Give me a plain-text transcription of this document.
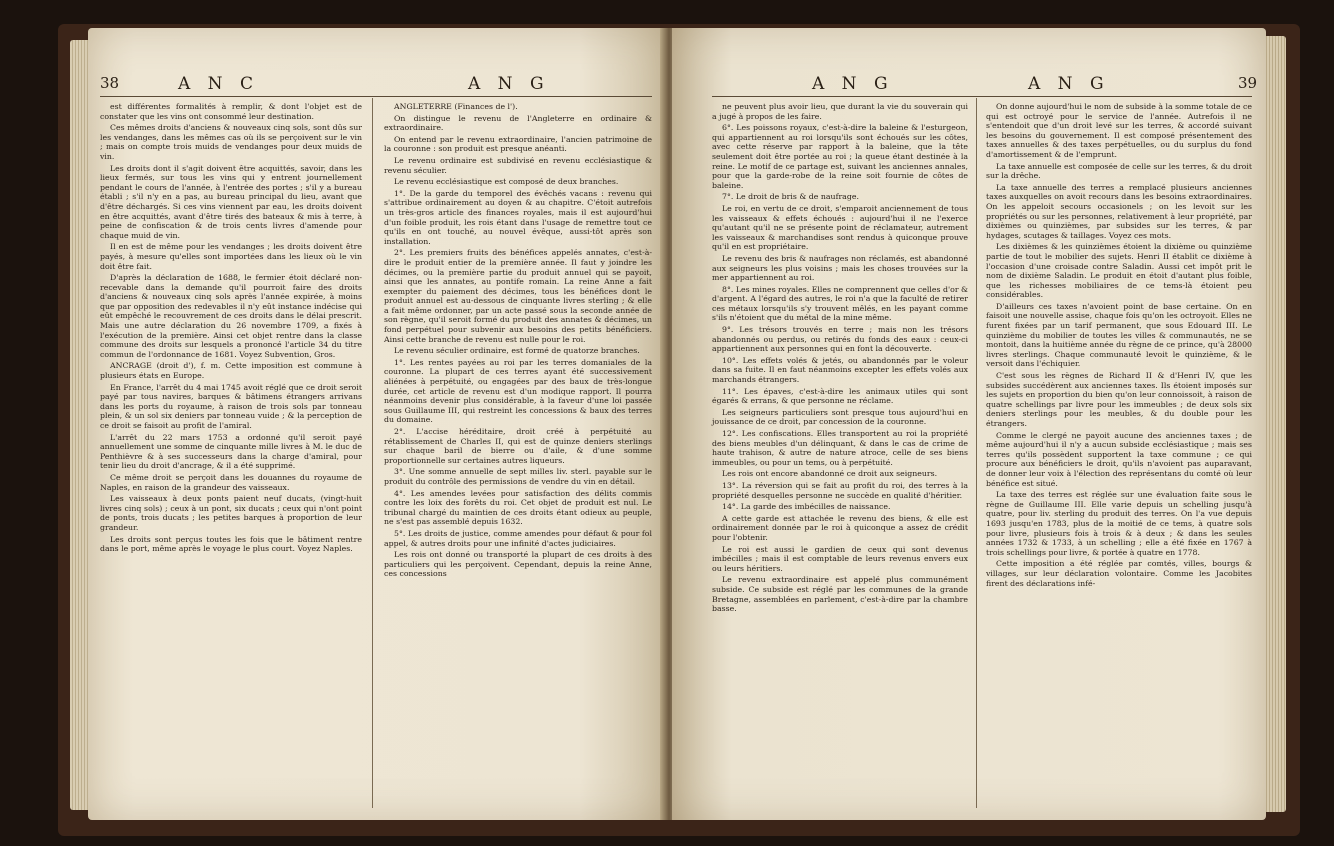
38	A N C	A N G

est différentes formalités à remplir, & dont l'objet est de constater que les vins ont consommé leur destination.

Ces mêmes droits d'anciens & nouveaux cinq sols, sont dûs sur les vendanges, dans les mêmes cas où ils se perçoivent sur le vin ; mais on compte trois muids de vendanges pour deux muids de vin.

Les droits dont il s'agit doivent être acquittés, savoir, dans les lieux fermés, sur tous les vins qui y entrent journellement pendant le cours de l'année, à l'entrée des portes ; s'il y a bureau établi ; s'il n'y en a pas, au bureau principal du lieu, avant que d'être déchargés. Si ces vins viennent par eau, les droits doivent en être acquittés, avant d'être tirés des bateaux & mis à terre, à peine de confiscation & de trois cents livres d'amende pour chaque muid de vin.

Il en est de même pour les vendanges ; les droits doivent être payés, à mesure qu'elles sont importées dans les lieux où le vin doit être fait.

D'après la déclaration de 1688, le fermier étoit déclaré non-recevable dans la demande qu'il pourroit faire des droits d'anciens & nouveaux cinq sols après l'année expirée, à moins que par opposition des redevables il n'y eût instance indécise qui eût empêché le recouvrement de ces droits dans le délai prescrit. Mais une autre déclaration du 26 novembre 1709, a fixés à l'exécution de la première. Ainsi cet objet rentre dans la classe commune des droits sur lesquels a prononcé l'article 34 du titre commun de l'ordonnance de 1681. Voyez Subvention, Gros.

ANCRAGE (droit d'), f. m. Cette imposition est commune à plusieurs états en Europe.

En France, l'arrêt du 4 mai 1745 avoit réglé que ce droit seroit payé par tous navires, barques & bâtimens étrangers arrivans dans les ports du royaume, à raison de trois sols par tonneau plein, & un sol six deniers par tonneau vuide ; & la perception de ce droit se faisoit au profit de l'amiral.

L'arrêt du 22 mars 1753 a ordonné qu'il seroit payé annuellement une somme de cinquante mille livres à M. le duc de Penthièvre & à ses successeurs dans la charge d'amiral, pour tenir lieu du droit d'ancrage, & il a été supprimé.

Ce même droit se perçoit dans les douannes du royaume de Naples, en raison de la grandeur des vaisseaux.

Les vaisseaux à deux ponts paient neuf ducats, (vingt-huit livres cinq sols) ; ceux à un pont, six ducats ; ceux qui n'ont point de ponts, trois ducats ; les petites barques à proportion de leur grandeur.

Les droits sont perçus toutes les fois que le bâtiment rentre dans le port, même après le voyage le plus court. Voyez Naples.

ANGLETERRE (Finances de l').

On distingue le revenu de l'Angleterre en ordinaire & extraordinaire.

On entend par le revenu extraordinaire, l'ancien patrimoine de la couronne : son produit est presque anéanti.

Le revenu ordinaire est subdivisé en revenu ecclésiastique & revenu séculier.

Le revenu ecclésiastique est composé de deux branches.

1°. De la garde du temporel des évêchés vacans : revenu qui s'attribue ordinairement au doyen & au chapitre. C'étoit autrefois un très-gros article des finances royales, mais il est aujourd'hui d'un foible produit, les rois étant dans l'usage de remettre tout ce qu'ils en ont touché, au nouvel évêque, aussi-tôt après son installation.

2°. Les premiers fruits des bénéfices appelés annates, c'est-à-dire le produit entier de la première année. Il faut y joindre les décimes, ou la première partie du produit annuel qui se payoit, ainsi que les annates, au pontife romain. La reine Anne a fait exempter du paiement des décimes, tous les bénéfices dont le produit annuel est au-dessous de cinquante livres sterling ; & elle a fait même ordonner, par un acte passé sous la seconde année de son règne, qu'il seroit formé du produit des annates & décimes, un fond perpétuel pour subvenir aux besoins des petits bénéficiers. Ainsi cette branche de revenu est nulle pour le roi.

Le revenu séculier ordinaire, est formé de quatorze branches.

1°. Les rentes payées au roi par les terres domaniales de la couronne. La plupart de ces terres ayant été successivement aliénées à perpétuité, ou engagées par des baux de très-longue durée, cet article de revenu est d'un modique rapport. Il pourra néanmoins devenir plus considérable, à la faveur d'une loi passée sous Guillaume III, qui restreint les concessions & baux des terres du domaine.

2°. L'accise héréditaire, droit créé à perpétuité au rétablissement de Charles II, qui est de quinze deniers sterlings sur chaque baril de bierre ou d'aile, & d'une somme proportionnelle sur certaines autres liqueurs.

3°. Une somme annuelle de sept milles liv. sterl. payable sur le produit du contrôle des permissions de vendre du vin en détail.

4°. Les amendes levées pour satisfaction des délits commis contre les loix des forêts du roi. Cet objet de produit est nul. Le tribunal chargé du maintien de ces droits étant odieux au peuple, ne s'est pas assemblé depuis 1632.

5°. Les droits de justice, comme amendes pour défaut & pour fol appel, & autres droits pour une infinité d'actes judiciaires.

Les rois ont donné ou transporté la plupart de ces droits à des particuliers qui les perçoivent. Cependant, depuis la reine Anne, ces concessions

A N G	A N G	39

ne peuvent plus avoir lieu, que durant la vie du souverain qui a jugé à propos de les faire.

6°. Les poissons royaux, c'est-à-dire la baleine & l'esturgeon, qui appartiennent au roi lorsqu'ils sont échoués sur les côtes, avec cette réserve par rapport à la baleine, que la tête seulement doit être portée au roi ; la queue étant destinée à la reine. Le motif de ce partage est, suivant les anciennes annales, pour que la garde-robe de la reine soit fournie de côtes de baleine.

7°. Le droit de bris & de naufrage.

Le roi, en vertu de ce droit, s'emparoit anciennement de tous les vaisseaux & effets échoués : aujourd'hui il ne l'exerce qu'autant qu'il ne se présente point de réclamateur, autrement les vaisseaux & marchandises sont rendus à quiconque prouve qu'il en est propriétaire.

Le revenu des bris & naufrages non réclamés, est abandonné aux seigneurs les plus voisins ; mais les choses trouvées sur la mer appartiennent au roi.

8°. Les mines royales. Elles ne comprennent que celles d'or & d'argent. A l'égard des autres, le roi n'a que la faculté de retirer ces métaux lorsqu'ils s'y trouvent mêlés, en les payant comme s'ils n'étoient que du métal de la mine même.

9°. Les trésors trouvés en terre ; mais non les trésors abandonnés ou perdus, ou retirés du fonds des eaux : ceux-ci appartiennent aux personnes qui en font la découverte.

10°. Les effets volés & jetés, ou abandonnés par le voleur dans sa fuite. Il en faut néanmoins excepter les effets volés aux marchands étrangers.

11°. Les épaves, c'est-à-dire les animaux utiles qui sont égarés & errans, & que personne ne réclame.

Les seigneurs particuliers sont presque tous aujourd'hui en jouissance de ce droit, par concession de la couronne.

12°. Les confiscations. Elles transportent au roi la propriété des biens meubles d'un délinquant, & dans le cas de crime de haute trahison, & autre de nature atroce, celle de ses biens immeubles, ou pour un tems, ou à perpétuité.

Les rois ont encore abandonné ce droit aux seigneurs.

13°. La réversion qui se fait au profit du roi, des terres à la propriété desquelles personne ne succède en qualité d'héritier.

14°. La garde des imbécilles de naissance.

A cette garde est attachée le revenu des biens, & elle est ordinairement donnée par le roi à quiconque a assez de crédit pour l'obtenir.

Le roi est aussi le gardien de ceux qui sont devenus imbécilles ; mais il est comptable de leurs revenus envers eux ou leurs héritiers.

Le revenu extraordinaire est appelé plus communément subside. Ce subside est réglé par les communes de la grande Bretagne, assemblées en parlement, c'est-à-dire par la chambre basse.

On donne aujourd'hui le nom de subside à la somme totale de ce qui est octroyé pour le service de l'année. Autrefois il ne s'entendoit que d'un droit levé sur les terres, & accordé suivant les besoins du gouvernement. Il est composé présentement des taxes annuelles & des taxes perpétuelles, ou du surplus du fond d'amortissement & de l'emprunt.

La taxe annuelle est composée de celle sur les terres, & du droit sur la drêche.

La taxe annuelle des terres a remplacé plusieurs anciennes taxes auxquelles on avoit recours dans les besoins extraordinaires. On les appeloit secours occasionels ; on les levoit sur les propriétés ou sur les personnes, relativement à leur propriété, par dixièmes ou quinzièmes, par subsides sur les terres, & par hydages, scutages & taillages. Voyez ces mots.

Les dixièmes & les quinzièmes étoient la dixième ou quinzième partie de tout le mobilier des sujets. Henri II établit ce dixième à l'occasion d'une croisade contre Saladin. Aussi cet impôt prit le nom de dixième Saladin. Le produit en étoit d'autant plus foible, que les richesses mobiliaires de ce tems-là étoient peu considérables.

D'ailleurs ces taxes n'avoient point de base certaine. On en faisoit une nouvelle assise, chaque fois qu'on les octroyoit. Elles ne furent fixées par un tarif permanent, que sous Edouard III. Le quinzième du mobilier de toutes les villes & communautés, ne se montoit, dans la huitième année du règne de ce prince, qu'à 28000 livres sterlings. Chaque communauté levoit le quinzième, & le versoit dans l'échiquier.

C'est sous les règnes de Richard II & d'Henri IV, que les subsides succédèrent aux anciennes taxes. Ils étoient imposés sur les sujets en proportion du bien qu'on leur connoissoit, à raison de quatre schellings par livre pour les immeubles ; de deux sols six deniers sterlings pour les meubles, & du double pour les étrangers.

Comme le clergé ne payoit aucune des anciennes taxes ; de même aujourd'hui il n'y a aucun subside ecclésiastique ; mais ses terres qu'ils possèdent supportent la taxe commune ; ce qui procure aux bénéficiers le droit, qu'ils n'avoient pas auparavant, de donner leur voix à l'élection des représentans du comté où leur bénéfice est situé.

La taxe des terres est réglée sur une évaluation faite sous le règne de Guillaume III. Elle varie depuis un schelling jusqu'à quatre, pour liv. sterling du produit des terres. On l'a vue depuis 1693 jusqu'en 1783, plus de la moitié de ce tems, à quatre sols pour livre, plusieurs fois à trois & à deux ; & dans les seules années 1732 & 1733, à un schelling ; elle a été fixée en 1767 à trois schellings pour livre, & portée à quatre en 1778.

Cette imposition a été réglée par comtés, villes, bourgs & villages, sur leur déclaration volontaire. Comme les Jacobites firent des déclarations infé-
